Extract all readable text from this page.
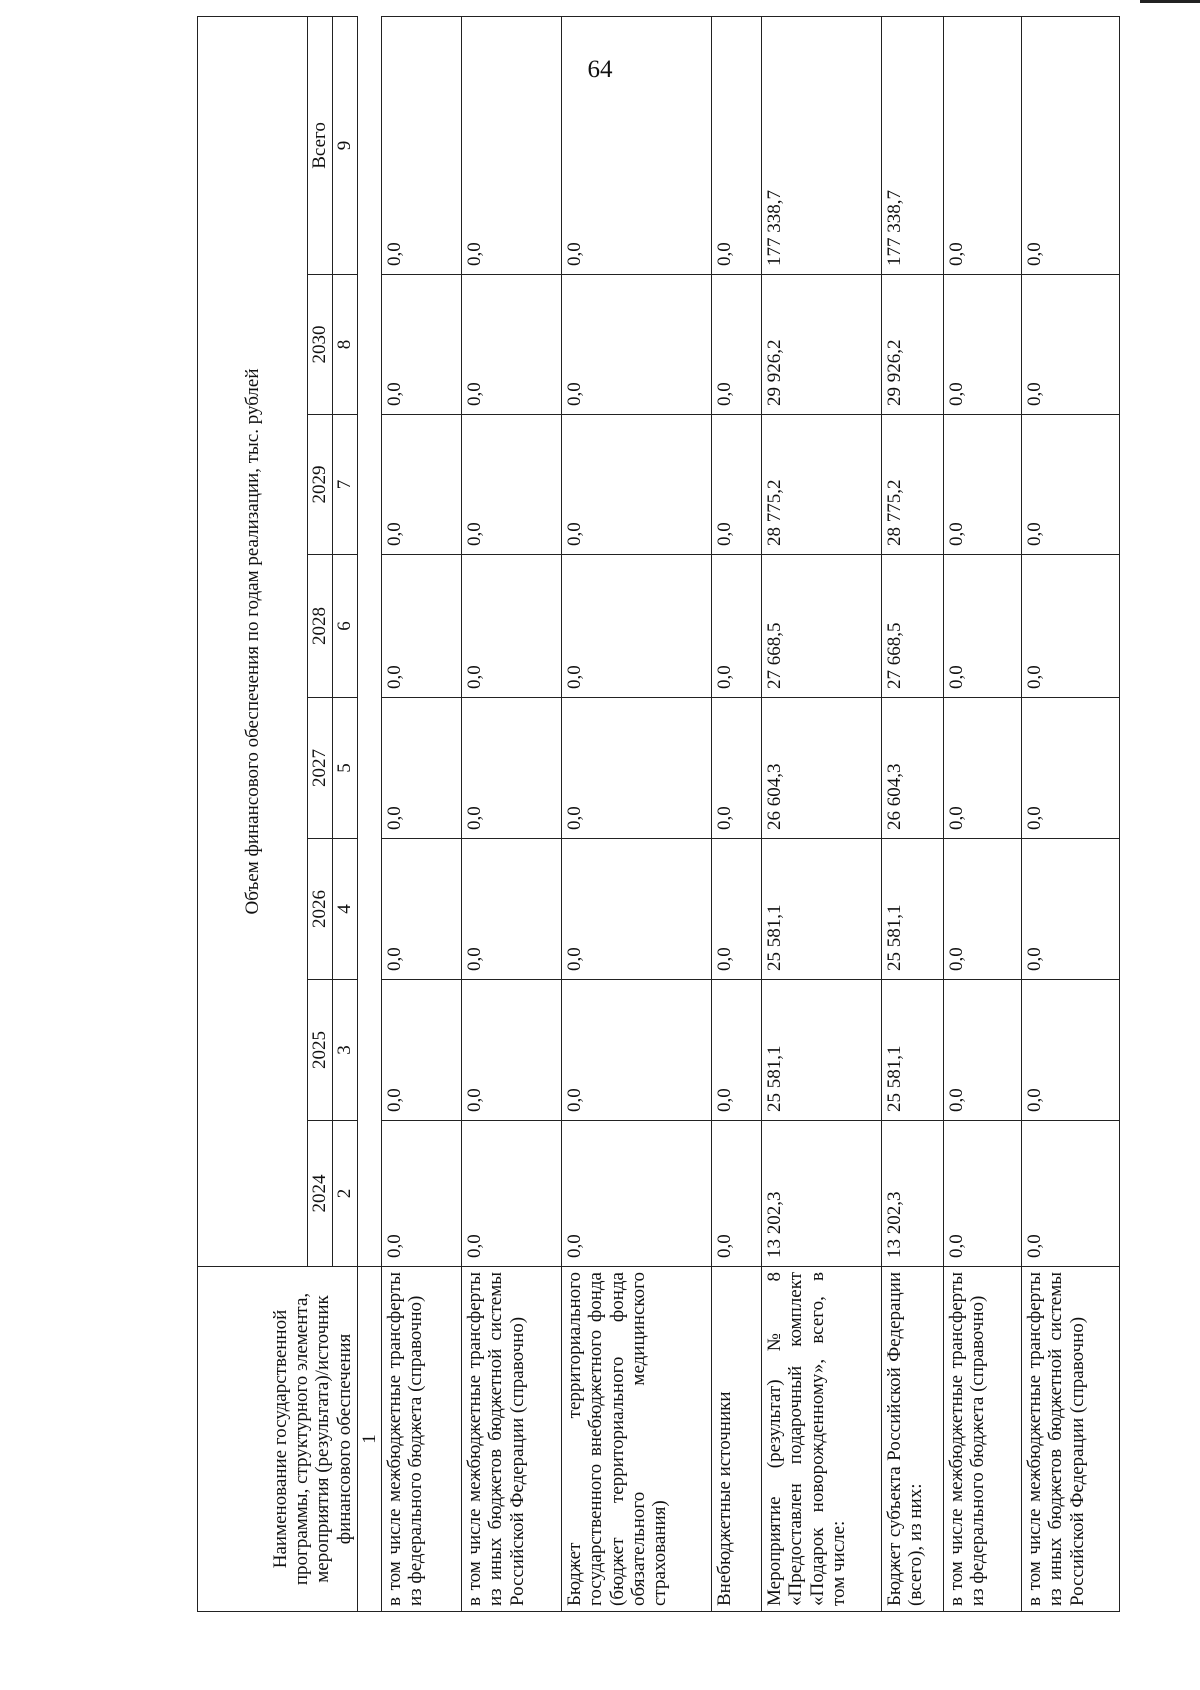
64
Наименование государственной программы, структурного элемента, мероприятия (результата)/источник финансового обеспечения	Объем финансового обеспечения по годам реализации, тыс. рублей							
	2024	2025	2026	2027	2028	2029	2030	Всего
	2	3	4	5	6	7	8	9
1								
в том числе межбюджетные трансферты из федерального бюджета (справочно)	0,0	0,0	0,0	0,0	0,0	0,0	0,0	0,0
в том числе межбюджетные трансферты из иных бюджетов бюджетной системы Российской Федерации (справочно)	0,0	0,0	0,0	0,0	0,0	0,0	0,0	0,0
Бюджет территориального государственного внебюджетного фонда (бюджет территориального фонда обязательного медицинского страхования)	0,0	0,0	0,0	0,0	0,0	0,0	0,0	0,0
Внебюджетные источники	0,0	0,0	0,0	0,0	0,0	0,0	0,0	0,0
Мероприятие (результат) № 8 «Предоставлен подарочный комплект «Подарок новорожденному», всего, в том числе:	13 202,3	25 581,1	25 581,1	26 604,3	27 668,5	28 775,2	29 926,2	177 338,7
Бюджет субъекта Российской Федерации (всего), из них:	13 202,3	25 581,1	25 581,1	26 604,3	27 668,5	28 775,2	29 926,2	177 338,7
в том числе межбюджетные трансферты из федерального бюджета (справочно)	0,0	0,0	0,0	0,0	0,0	0,0	0,0	0,0
в том числе межбюджетные трансферты из иных бюджетов бюджетной системы Российской Федерации (справочно)	0,0	0,0	0,0	0,0	0,0	0,0	0,0	0,0
